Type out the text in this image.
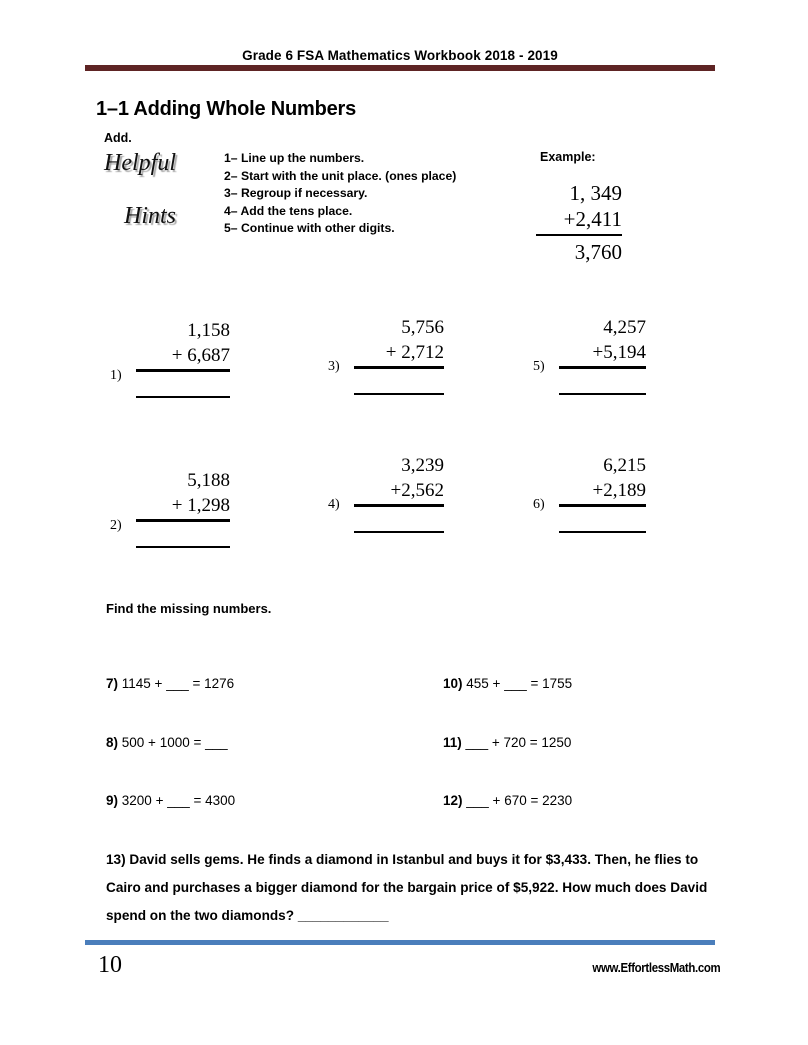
Grade 6 FSA Mathematics Workbook 2018 - 2019
1–1 Adding Whole Numbers
Add.
Helpful
Hints
1– Line up the numbers.
2– Start with the unit place. (ones place)
3– Regroup if necessary.
4– Add the tens place.
5– Continue with other digits.
Example:
1, 349
+2,411
3,760
1)
1,158
+ 6,687
3)
5,756
+ 2,712
5)
4,257
+5,194
2)
5,188
+ 1,298	4)
3,239
+2,562
6)
6,215
+2,189
Find the missing numbers.
7) 1145 + ___ = 1276
8) 500 + 1000 = ___
9) 3200 + ___ = 4300
10) 455 + ___ = 1755
11) ___ + 720 = 1250
12) ___ + 670 = 2230
13) David sells gems. He finds a diamond in Istanbul and buys it for $3,433. Then, he flies to Cairo and purchases a bigger diamond for the bargain price of $5,922. How much does David spend on the two diamonds? ____________
10	www.EffortlessMath.com
